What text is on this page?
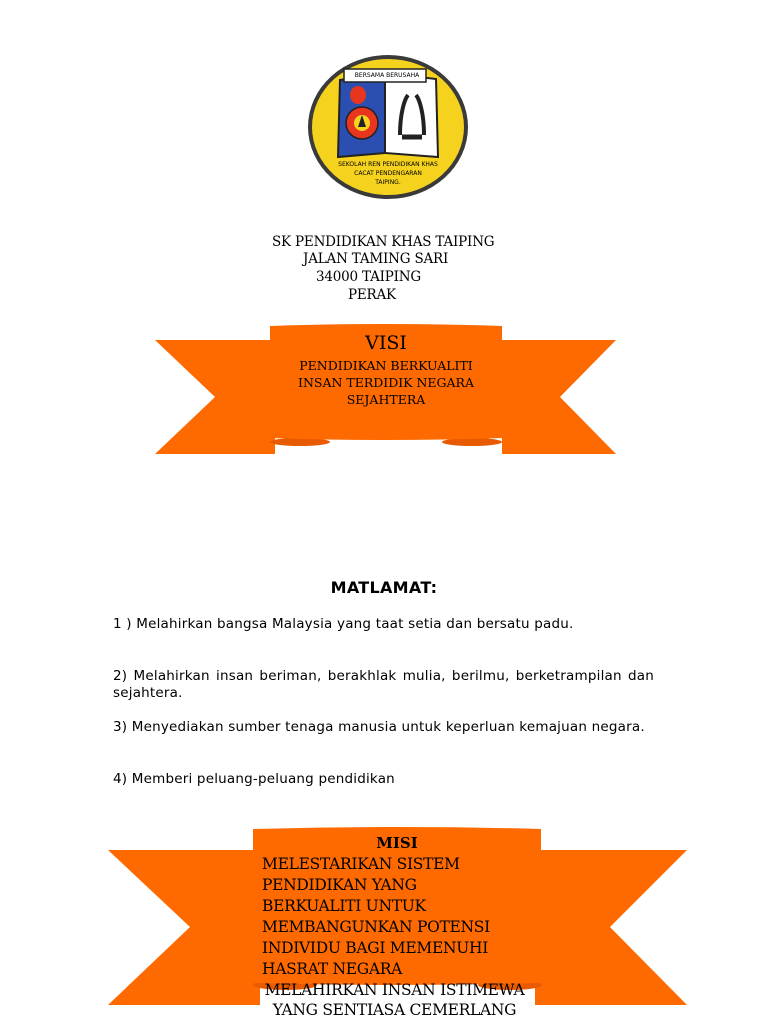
BERSAMA BERUSAHA
SEKOLAH REN PENDIDIKAN KHAS
CACAT PENDENGARAN
TAIPING.
SK PENDIDIKAN KHAS TAIPING
JALAN TAMING SARI
34000 TAIPING
PERAK
VISI
PENDIDIKAN BERKUALITI
INSAN TERDIDIK NEGARA
SEJAHTERA
MATLAMAT:
1 ) Melahirkan bangsa Malaysia yang taat setia dan bersatu padu.
2) Melahirkan insan beriman, berakhlak mulia, berilmu, berketrampilan dan sejahtera.
3) Menyediakan sumber tenaga manusia untuk keperluan kemajuan negara.
4) Memberi peluang-peluang pendidikan
MISI
MELESTARIKAN SISTEM
PENDIDIKAN YANG
BERKUALITI UNTUK
MEMBANGUNKAN POTENSI
INDIVIDU BAGI MEMENUHI
HASRAT NEGARA
MELAHIRKAN INSAN ISTIMEWA
YANG SENTIASA CEMERLANG
